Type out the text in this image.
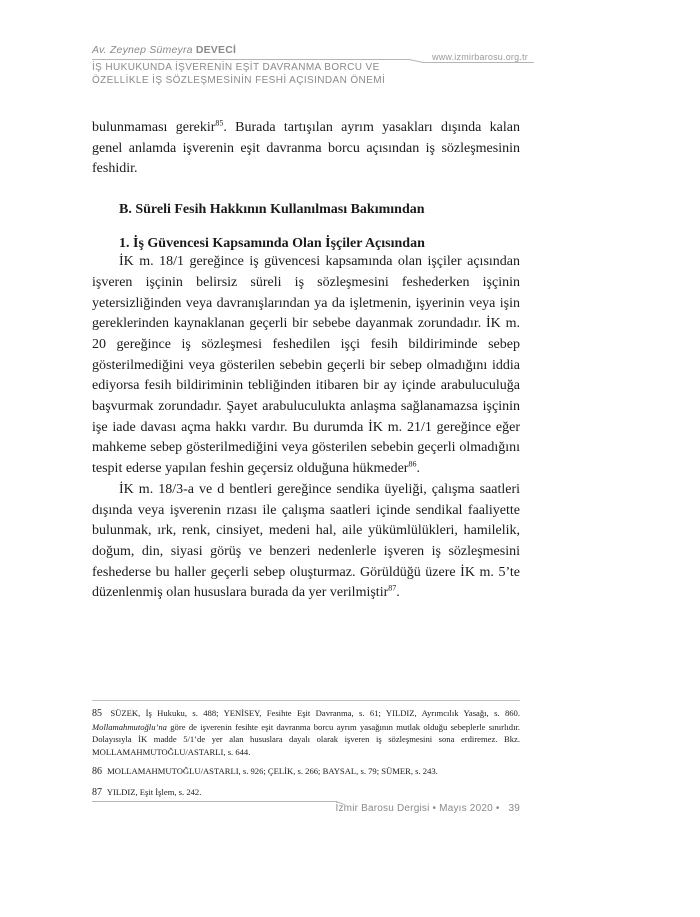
Av. Zeynep Sümeyra DEVECİ
İŞ HUKUKUNDA İŞVERENİN EŞİT DAVRANMA BORCU VE
ÖZELLİKLE İŞ SÖZLEŞMESİNİN FESHİ AÇISINDAN ÖNEMİ
www.izmirbarosu.org.tr

bulunmaması gerekir$^{85}$. Burada tartışılan ayrım yasakları dışında kalan genel anlamda işverenin eşit davranma borcu açısından iş sözleşmesinin feshidir.

B. Süreli Fesih Hakkının Kullanılması Bakımından
1. İş Güvencesi Kapsamında Olan İşçiler Açısından

İK m. 18/1 gereğince iş güvencesi kapsamında olan işçiler açısından işveren işçinin belirsiz süreli iş sözleşmesini feshederken işçinin yetersizliğinden veya davranışlarından ya da işletmenin, işyerinin veya işin gereklerinden kaynaklanan geçerli bir sebebe dayanmak zorundadır. İK m. 20 gereğince iş sözleşmesi feshedilen işçi fesih bildiriminde sebep gösterilmediğini veya gösterilen sebebin geçerli bir sebep olmadığını iddia ediyorsa fesih bildiriminin tebliğinden itibaren bir ay içinde arabuluculuğa başvurmak zorundadır. Şayet arabuluculukta anlaşma sağlanamazsa işçinin işe iade davası açma hakkı vardır. Bu durumda İK m. 21/1 gereğince eğer mahkeme sebep gösterilmediğini veya gösterilen sebebin geçerli olmadığını tespit ederse yapılan feshin geçersiz olduğuna hükmeder$^{86}$.

İK m. 18/3-a ve d bentleri gereğince sendika üyeliği, çalışma saatleri dışında veya işverenin rızası ile çalışma saatleri içinde sendikal faaliyette bulunmak, ırk, renk, cinsiyet, medeni hal, aile yükümlülükleri, hamilelik, doğum, din, siyasi görüş ve benzeri nedenlerle işveren iş sözleşmesini feshederse bu haller geçerli sebep oluşturmaz. Görüldüğü üzere İK m. 5’te düzenlenmiş olan hususlara burada da yer verilmiştir$^{87}$.

85 SÜZEK, İş Hukuku, s. 488; YENİSEY, Fesihte Eşit Davranma, s. 61; YILDIZ, Ayrımcılık Yasağı, s. 860. Mollamahmutoğlu’na göre de işverenin fesihte eşit davranma borcu ayrım yasağının mutlak olduğu sebeplerle sınırlıdır. Dolayısıyla İK madde 5/1’de yer alan hususlara dayalı olarak işveren iş sözleşmesini sona erdiremez. Bkz. MOLLAMAHMUTOĞLU/ASTARLI, s. 644.

86 MOLLAMAHMUTOĞLU/ASTARLI, s. 926; ÇELİK, s. 266; BAYSAL, s. 79; SÜMER, s. 243.

87 YILDIZ, Eşit İşlem, s. 242.

İzmir Barosu Dergisi • Mayıs 2020 •   39
